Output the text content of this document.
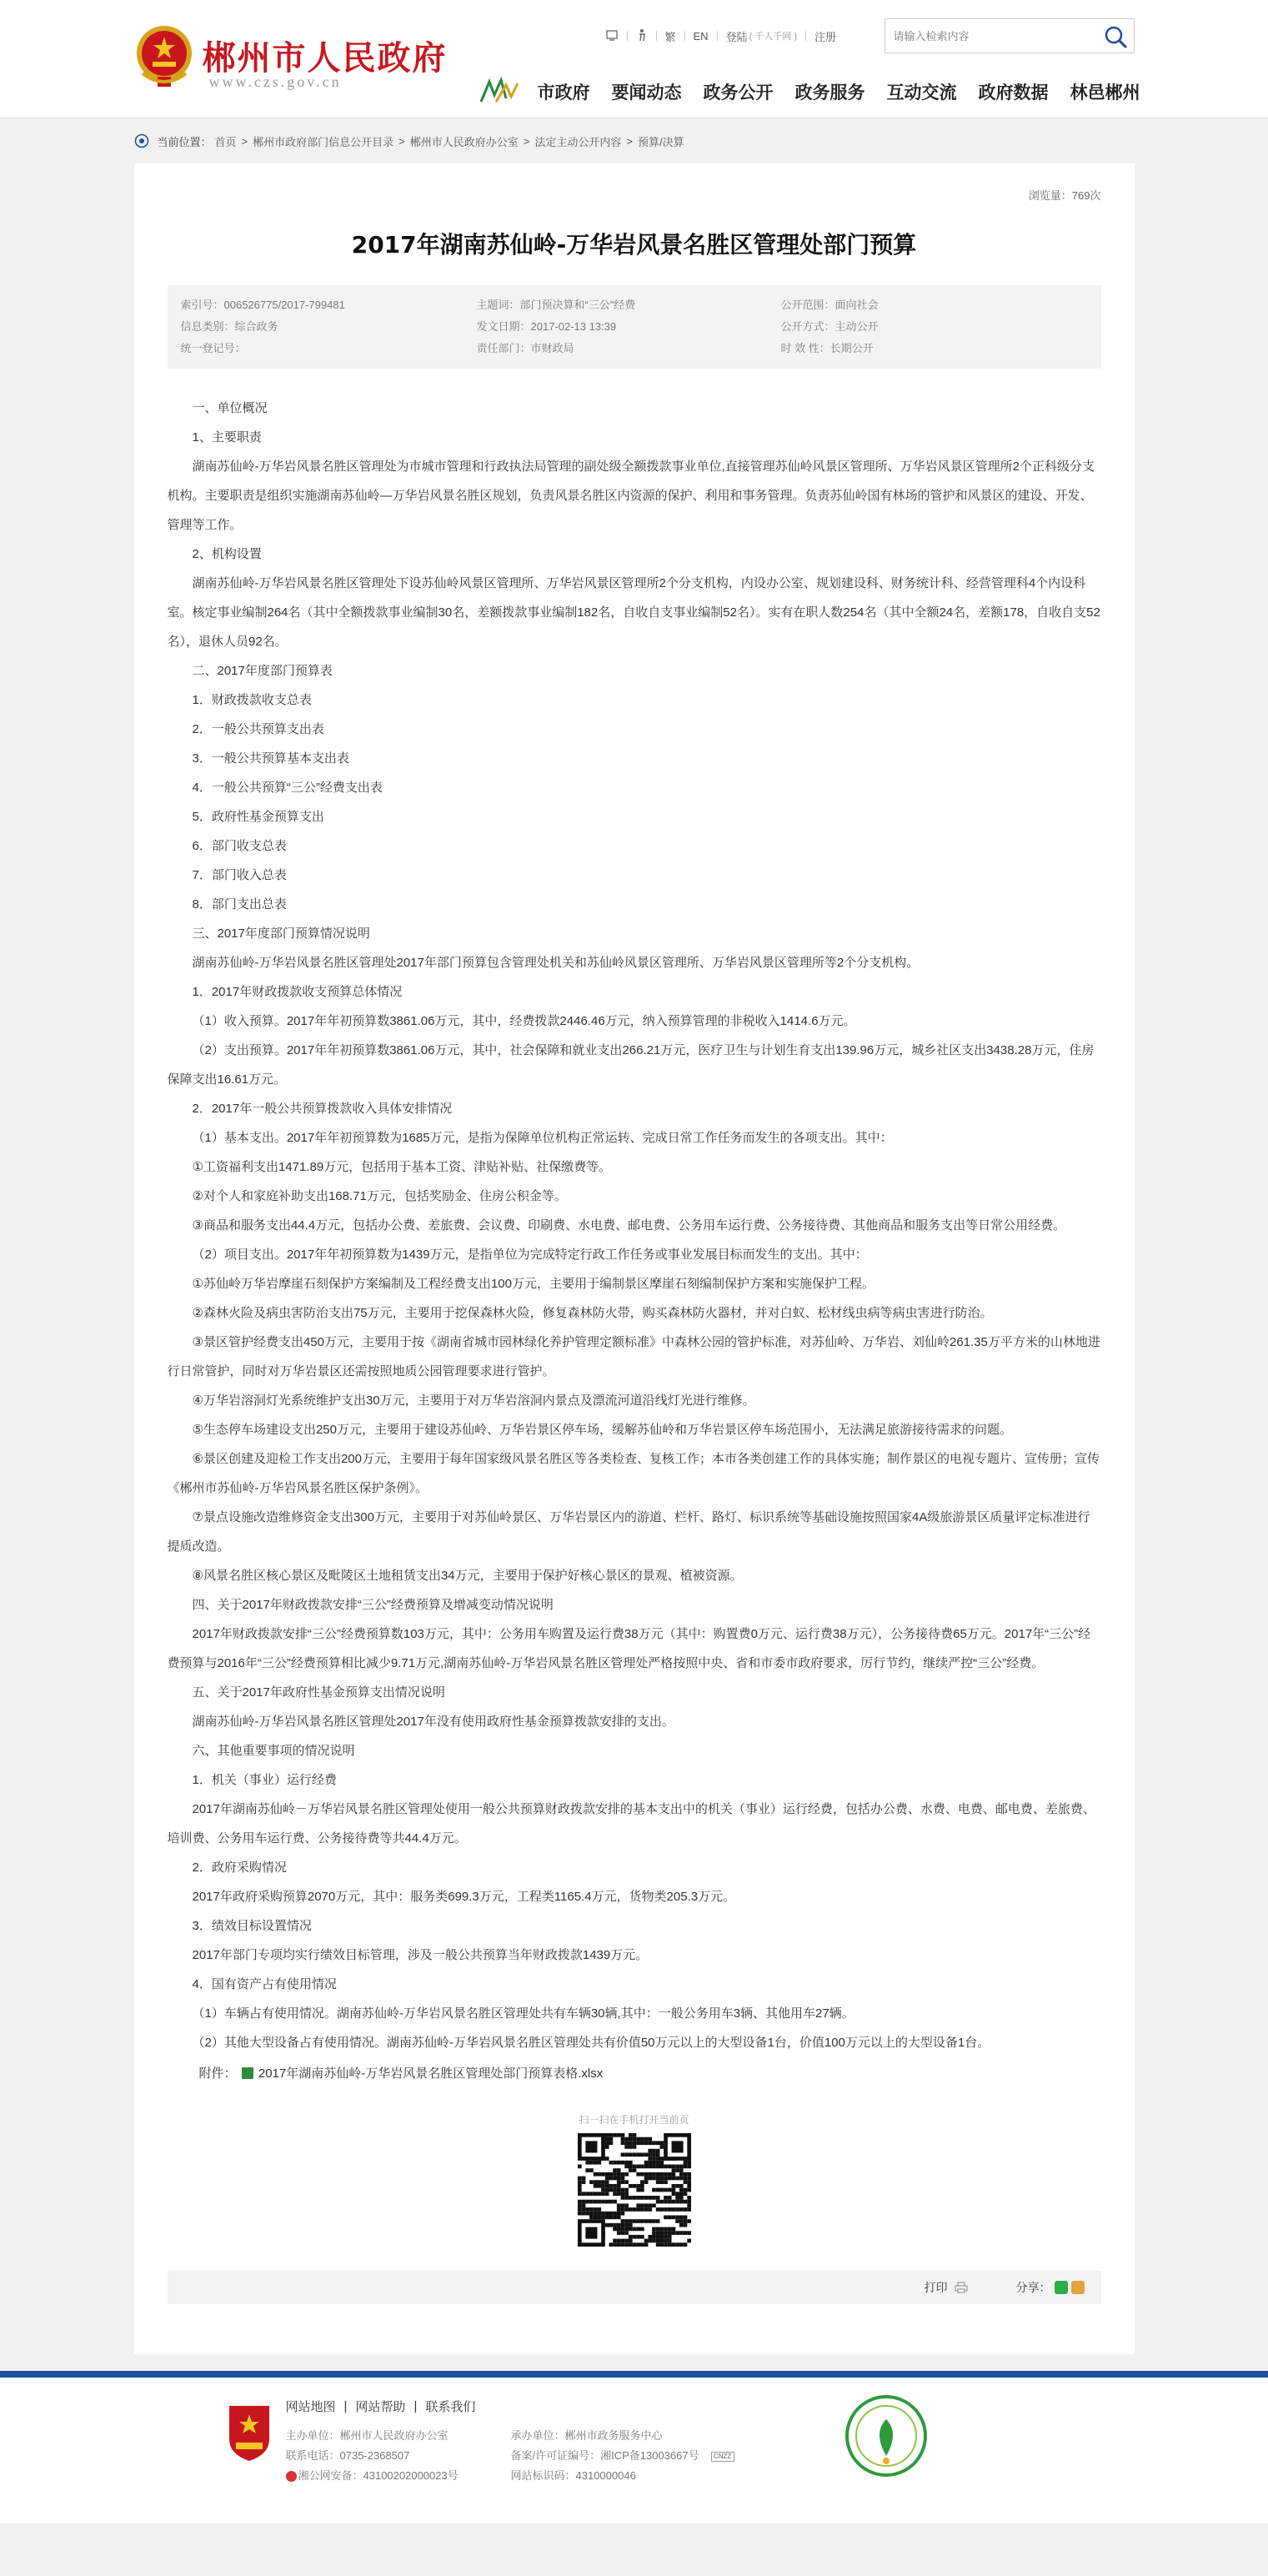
郴州市人民政府
www.czs.gov.cn
繁 EN 登陆 ( 千人千网 ) 注册
请输入检索内容
市政府 要闻动态 政务公开 政务服务 互动交流 政府数据 林邑郴州
当前位置： 首页 > 郴州市政府部门信息公开目录 > 郴州市人民政府办公室 > 法定主动公开内容 > 预算/决算
浏览量：769次
2017年湖南苏仙岭-万华岩风景名胜区管理处部门预算
索引号：006526775/2017-799481	主题词：部门预决算和“三公”经费	公开范围：面向社会
信息类别：综合政务	发文日期：2017-02-13 13:39	公开方式：主动公开
统一登记号：	责任部门：市财政局	时 效 性：长期公开

一、单位概况

1、主要职责

湖南苏仙岭-万华岩风景名胜区管理处为市城市管理和行政执法局管理的副处级全额拨款事业单位,直接管理苏仙岭风景区管理所、万华岩风景区管理所2个正科级分支机构。主要职责是组织实施湖南苏仙岭—万华岩风景名胜区规划，负责风景名胜区内资源的保护、利用和事务管理。负责苏仙岭国有林场的管护和风景区的建设、开发、管理等工作。

2、机构设置

湖南苏仙岭-万华岩风景名胜区管理处下设苏仙岭风景区管理所、万华岩风景区管理所2个分支机构，内设办公室、规划建设科、财务统计科、经营管理科4个内设科室。核定事业编制264名（其中全额拨款事业编制30名，差额拨款事业编制182名，自收自支事业编制52名）。实有在职人数254名（其中全额24名，差额178，自收自支52名），退休人员92名。

二、2017年度部门预算表

1．财政拨款收支总表

2．一般公共预算支出表

3．一般公共预算基本支出表

4．一般公共预算“三公”经费支出表

5．政府性基金预算支出

6．部门收支总表

7．部门收入总表

8．部门支出总表

三、2017年度部门预算情况说明

湖南苏仙岭-万华岩风景名胜区管理处2017年部门预算包含管理处机关和苏仙岭风景区管理所、万华岩风景区管理所等2个分支机构。

1．2017年财政拨款收支预算总体情况

（1）收入预算。2017年年初预算数3861.06万元，其中，经费拨款2446.46万元，纳入预算管理的非税收入1414.6万元。

（2）支出预算。2017年年初预算数3861.06万元，其中，社会保障和就业支出266.21万元，医疗卫生与计划生育支出139.96万元，城乡社区支出3438.28万元，住房保障支出16.61万元。

2．2017年一般公共预算拨款收入具体安排情况

（1）基本支出。2017年年初预算数为1685万元，是指为保障单位机构正常运转、完成日常工作任务而发生的各项支出。其中：

①工资福利支出1471.89万元，包括用于基本工资、津贴补贴、社保缴费等。

②对个人和家庭补助支出168.71万元，包括奖励金、住房公积金等。

③商品和服务支出44.4万元，包括办公费、差旅费、会议费、印刷费、水电费、邮电费、公务用车运行费、公务接待费、其他商品和服务支出等日常公用经费。

（2）项目支出。2017年年初预算数为1439万元，是指单位为完成特定行政工作任务或事业发展目标而发生的支出。其中：

①苏仙岭万华岩摩崖石刻保护方案编制及工程经费支出100万元，主要用于编制景区摩崖石刻编制保护方案和实施保护工程。

②森林火险及病虫害防治支出75万元，主要用于挖保森林火险，修复森林防火带，购买森林防火器材，并对白蚁、松材线虫病等病虫害进行防治。

③景区管护经费支出450万元，主要用于按《湖南省城市园林绿化养护管理定额标准》中森林公园的管护标准，对苏仙岭、万华岩、刘仙岭261.35万平方米的山林地进行日常管护，同时对万华岩景区还需按照地质公园管理要求进行管护。

④万华岩溶洞灯光系统维护支出30万元，主要用于对万华岩溶洞内景点及漂流河道沿线灯光进行维修。

⑤生态停车场建设支出250万元，主要用于建设苏仙岭、万华岩景区停车场，缓解苏仙岭和万华岩景区停车场范围小，无法满足旅游接待需求的问题。

⑥景区创建及迎检工作支出200万元，主要用于每年国家级风景名胜区等各类检查、复核工作；本市各类创建工作的具体实施；制作景区的电视专题片、宣传册；宣传《郴州市苏仙岭-万华岩风景名胜区保护条例》。

⑦景点设施改造维修资金支出300万元，主要用于对苏仙岭景区、万华岩景区内的游道、栏杆、路灯、标识系统等基础设施按照国家4A级旅游景区质量评定标准进行提质改造。

⑧风景名胜区核心景区及毗陵区土地租赁支出34万元，主要用于保护好核心景区的景观、植被资源。

四、关于2017年财政拨款安排“三公”经费预算及增减变动情况说明

2017年财政拨款安排“三公”经费预算数103万元，其中：公务用车购置及运行费38万元（其中：购置费0万元、运行费38万元），公务接待费65万元。2017年“三公”经费预算与2016年“三公”经费预算相比减少9.71万元,湖南苏仙岭-万华岩风景名胜区管理处严格按照中央、省和市委市政府要求，厉行节约，继续严控“三公”经费。

五、关于2017年政府性基金预算支出情况说明

湖南苏仙岭-万华岩风景名胜区管理处2017年没有使用政府性基金预算拨款安排的支出。

六、其他重要事项的情况说明

1．机关（事业）运行经费

2017年湖南苏仙岭－万华岩风景名胜区管理处使用一般公共预算财政拨款安排的基本支出中的机关（事业）运行经费，包括办公费、水费、电费、邮电费、差旅费、培训费、公务用车运行费、公务接待费等共44.4万元。

2．政府采购情况

2017年政府采购预算2070万元，其中：服务类699.3万元，工程类1165.4万元，货物类205.3万元。

3．绩效目标设置情况

2017年部门专项均实行绩效目标管理，涉及一般公共预算当年财政拨款1439万元。

4．国有资产占有使用情况

（1）车辆占有使用情况。湖南苏仙岭-万华岩风景名胜区管理处共有车辆30辆,其中：一般公务用车3辆、其他用车27辆。

（2）其他大型设备占有使用情况。湖南苏仙岭-万华岩风景名胜区管理处共有价值50万元以上的大型设备1台，价值100万元以上的大型设备1台。

附件： 2017年湖南苏仙岭-万华岩风景名胜区管理处部门预算表格.xlsx
扫一扫在手机打开当前页
打印	分享：
网站地图 | 网站帮助 | 联系我们
主办单位：郴州市人民政府办公室
联系电话：0735-2368507
湘公网安备：43100202000023号
承办单位：郴州市政务服务中心
备案/许可证编号：湘ICP备13003667号 CNZZ
网站标识码：4310000046
